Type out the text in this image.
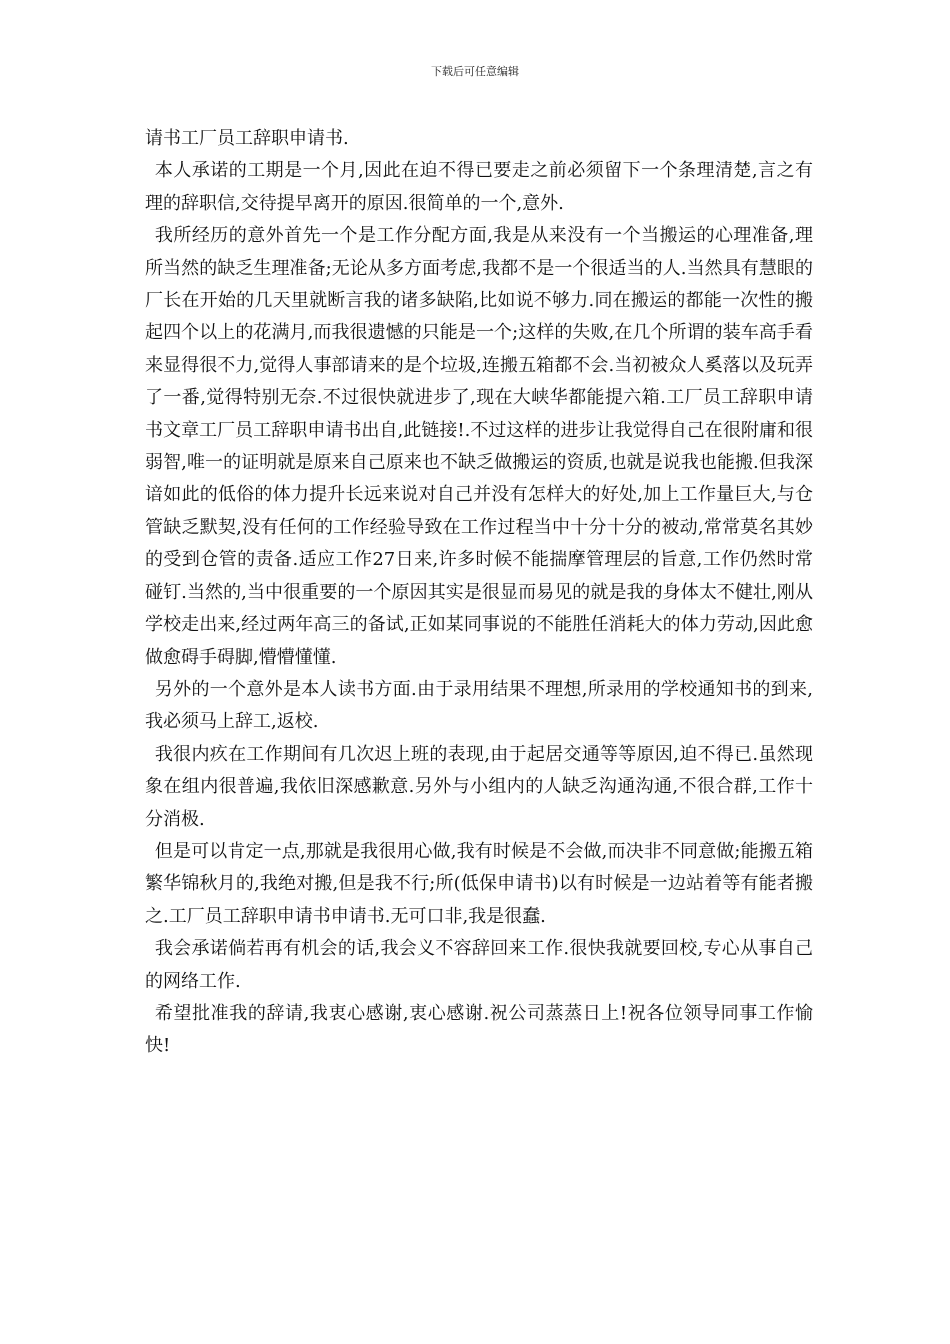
下载后可任意编辑

请书工厂员工辞职申请书.

本人承诺的工期是一个月,因此在迫不得已要走之前必须留下一个条理清楚,言之有理的辞职信,交待提早离开的原因.很简单的一个,意外.

我所经历的意外首先一个是工作分配方面,我是从来没有一个当搬运的心理准备,理所当然的缺乏生理准备;无论从多方面考虑,我都不是一个很适当的人.当然具有慧眼的厂长在开始的几天里就断言我的诸多缺陷,比如说不够力.同在搬运的都能一次性的搬起四个以上的花满月,而我很遗憾的只能是一个;这样的失败,在几个所谓的装车高手看来显得很不力,觉得人事部请来的是个垃圾,连搬五箱都不会.当初被众人奚落以及玩弄了一番,觉得特别无奈.不过很快就进步了,现在大峡华都能提六箱.工厂员工辞职申请书文章工厂员工辞职申请书出自,此链接!.不过这样的进步让我觉得自己在很附庸和很弱智,唯一的证明就是原来自己原来也不缺乏做搬运的资质,也就是说我也能搬.但我深谙如此的低俗的体力提升长远来说对自己并没有怎样大的好处,加上工作量巨大,与仓管缺乏默契,没有任何的工作经验导致在工作过程当中十分十分的被动,常常莫名其妙的受到仓管的责备.适应工作27日来,许多时候不能揣摩管理层的旨意,工作仍然时常碰钉.当然的,当中很重要的一个原因其实是很显而易见的就是我的身体太不健壮,刚从学校走出来,经过两年高三的备试,正如某同事说的不能胜任消耗大的体力劳动,因此愈做愈碍手碍脚,懵懵懂懂.

另外的一个意外是本人读书方面.由于录用结果不理想,所录用的学校通知书的到来,我必须马上辞工,返校.

我很内疚在工作期间有几次迟上班的表现,由于起居交通等等原因,迫不得已.虽然现象在组内很普遍,我依旧深感歉意.另外与小组内的人缺乏沟通沟通,不很合群,工作十分消极.

但是可以肯定一点,那就是我很用心做,我有时候是不会做,而决非不同意做;能搬五箱繁华锦秋月的,我绝对搬,但是我不行;所(低保申请书)以有时候是一边站着等有能者搬之.工厂员工辞职申请书申请书.无可口非,我是很蠢.

我会承诺倘若再有机会的话,我会义不容辞回来工作.很快我就要回校,专心从事自己的网络工作.

希望批准我的辞请,我衷心感谢,衷心感谢.祝公司蒸蒸日上!祝各位领导同事工作愉快!
